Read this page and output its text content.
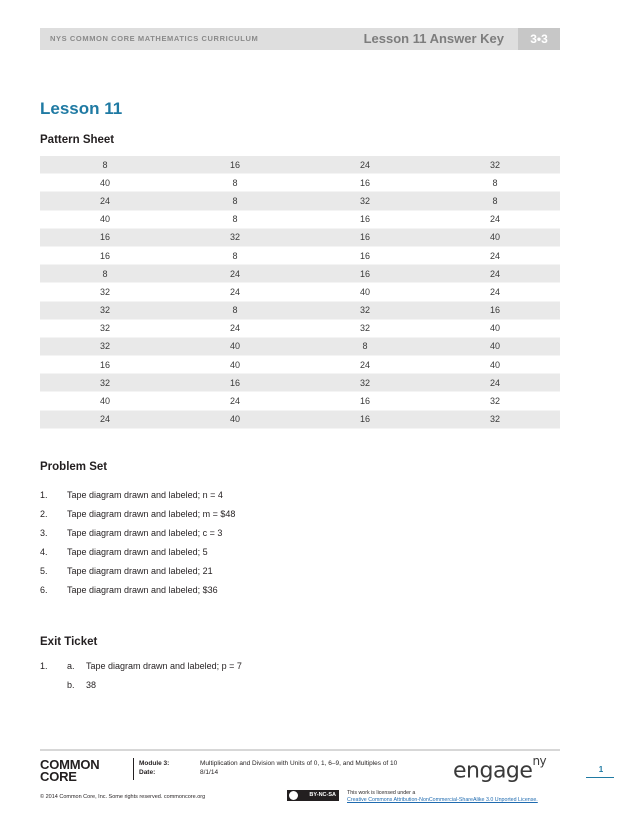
NYS COMMON CORE MATHEMATICS CURRICULUM	Lesson 11 Answer Key	3•3
Lesson 11
Pattern Sheet
8	16	24	32
40	8	16	8
24	8	32	8
40	8	16	24
16	32	16	40
16	8	16	24
8	24	16	24
32	24	40	24
32	8	32	16
32	24	32	40
32	40	8	40
16	40	24	40
32	16	32	24
40	24	16	32
24	40	16	32
Problem Set
1. Tape diagram drawn and labeled; n = 4
2. Tape diagram drawn and labeled; m = $48
3. Tape diagram drawn and labeled; c = 3
4. Tape diagram drawn and labeled; 5
5. Tape diagram drawn and labeled; 21
6. Tape diagram drawn and labeled; $36
Exit Ticket
1. a. Tape diagram drawn and labeled; p = 7
b. 38
COMMON
CORE
Module 3:	Multiplication and Division with Units of 0, 1, 6–9, and Multiples of 10
Date:	8/1/14	engage$^{ny}$
1
© 2014 Common Core, Inc. Some rights reserved. commoncore.org	BY-NC-SA This work is licensed under a
Creative Commons Attribution-NonCommercial-ShareAlike 3.0 Unported License.
